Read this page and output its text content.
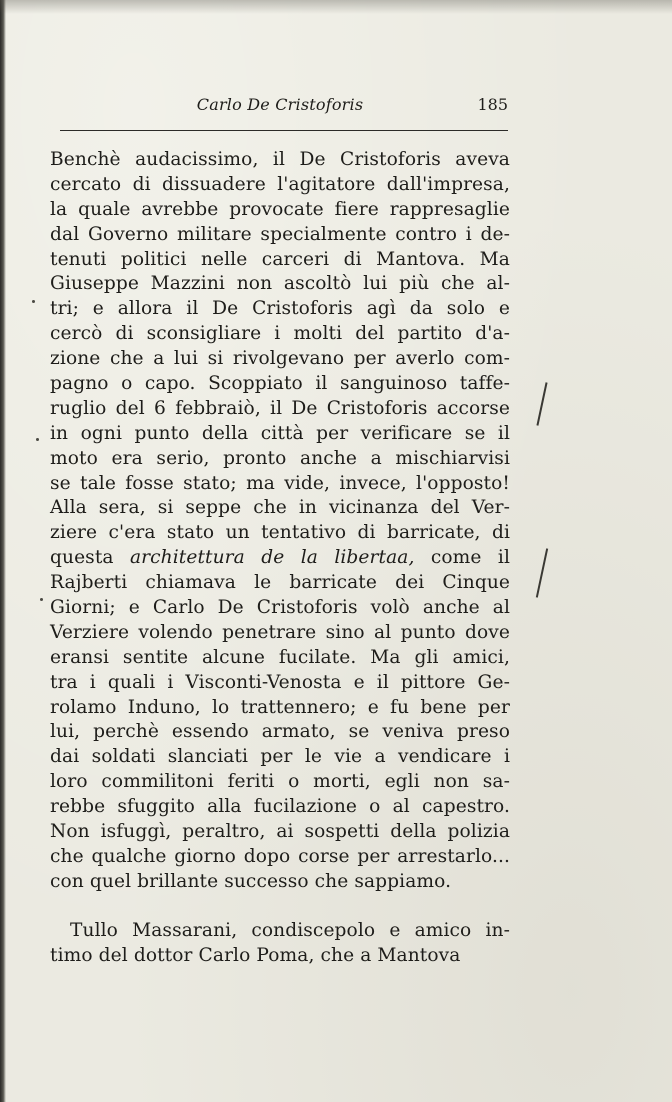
Carlo De Cristoforis	185
Benchè audacissimo, il De Cristoforis aveva
cercato di dissuadere l'agitatore dall'impresa,
la quale avrebbe provocate fiere rappresaglie
dal Governo militare specialmente contro i de-
tenuti politici nelle carceri di Mantova. Ma
Giuseppe Mazzini non ascoltò lui più che al-
tri; e allora il De Cristoforis agì da solo e
cercò di sconsigliare i molti del partito d'a-
zione che a lui si rivolgevano per averlo com-
pagno o capo. Scoppiato il sanguinoso taffe-
ruglio del 6 febbraiò, il De Cristoforis accorse
in ogni punto della città per verificare se il
moto era serio, pronto anche a mischiarvisi
se tale fosse stato; ma vide, invece, l'opposto!
Alla sera, si seppe che in vicinanza del Ver-
ziere c'era stato un tentativo di barricate, di
questa architettura de la libertaa, come il
Rajberti chiamava le barricate dei Cinque
Giorni; e Carlo De Cristoforis volò anche al
Verziere volendo penetrare sino al punto dove
eransi sentite alcune fucilate. Ma gli amici,
tra i quali i Visconti-Venosta e il pittore Ge-
rolamo Induno, lo trattennero; e fu bene per
lui, perchè essendo armato, se veniva preso
dai soldati slanciati per le vie a vendicare i
loro commilitoni feriti o morti, egli non sa-
rebbe sfuggito alla fucilazione o al capestro.
Non isfuggì, peraltro, ai sospetti della polizia
che qualche giorno dopo corse per arrestarlo...
con quel brillante successo che sappiamo.
Tullo Massarani, condiscepolo e amico in-
timo del dottor Carlo Poma, che a Mantova
